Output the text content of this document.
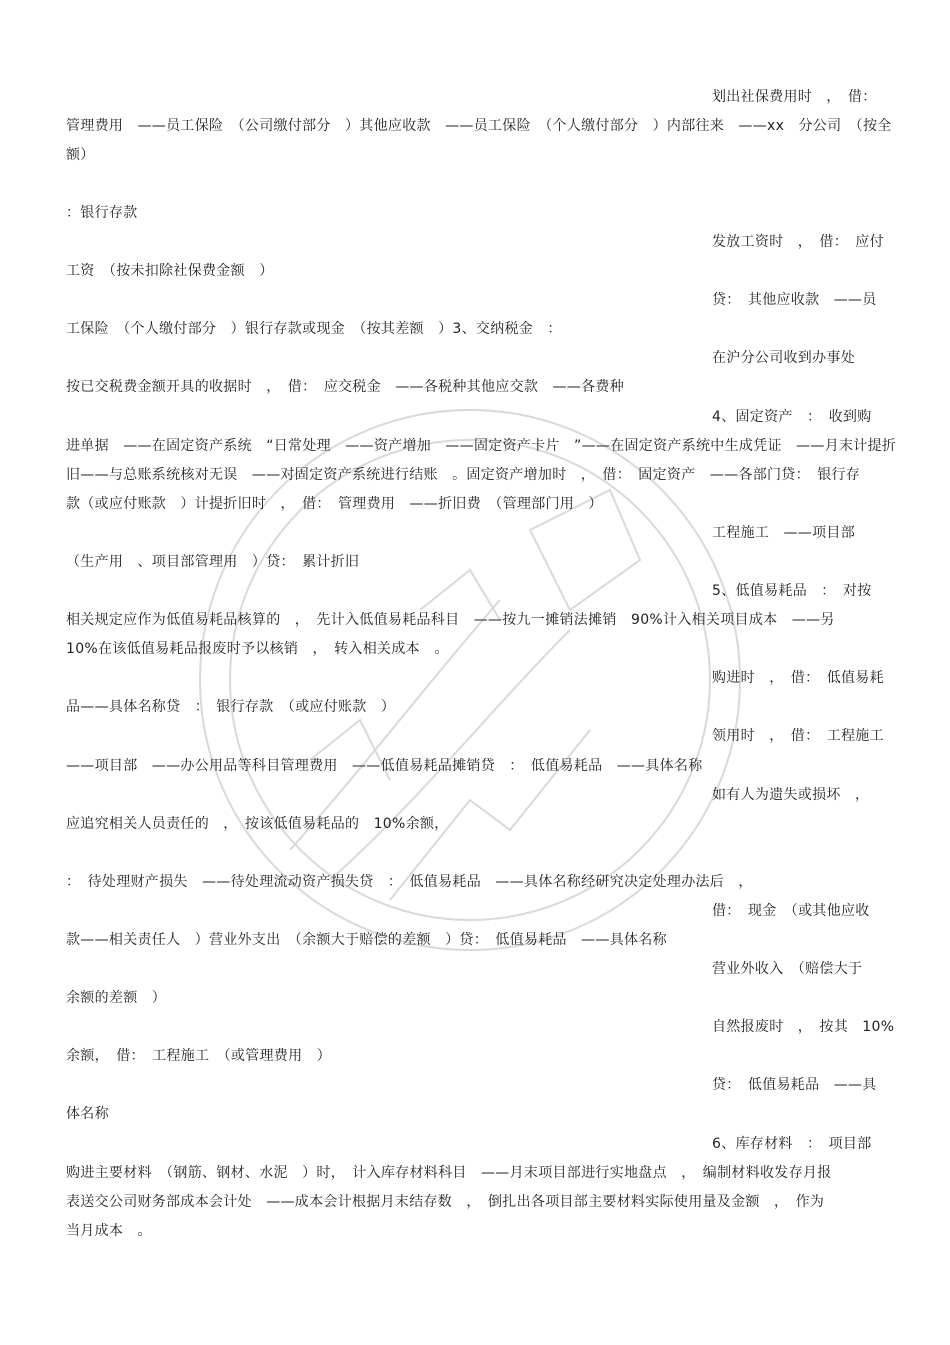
划出社保费用时　，　借：

管理费用　——员工保险　（公司缴付部分　）其他应收款　——员工保险　（个人缴付部分　）内部往来　——xx　分公司　（按全

额）

：银行存款

发放工资时　，　借：　应付

工资　（按未扣除社保费金额　）

贷：　其他应收款　——员

工保险　（个人缴付部分　）银行存款或现金　（按其差额　）3、交纳税金　：

在沪分公司收到办事处

按已交税费金额开具的收据时　，　借：　应交税金　——各税种其他应交款　——各费种

4、固定资产　：　收到购

进单据　——在固定资产系统　“日常处理　——资产增加　——固定资产卡片　”——在固定资产系统中生成凭证　——月末计提折

旧——与总账系统核对无误　——对固定资产系统进行结账　。固定资产增加时　，　借：　固定资产　——各部门贷：　银行存

款（或应付账款　）计提折旧时　，　借：　管理费用　——折旧费　（管理部门用　）

工程施工　——项目部

（生产用　、项目部管理用　）贷：　累计折旧

5、低值易耗品　：　对按

相关规定应作为低值易耗品核算的　，　先计入低值易耗品科目　——按九一摊销法摊销　90%计入相关项目成本　——另

10%在该低值易耗品报废时予以核销　，　转入相关成本　。

购进时　，　借：　低值易耗

品——具体名称贷　：　银行存款　（或应付账款　）

领用时　，　借：　工程施工

——项目部　——办公用品等科目管理费用　——低值易耗品摊销贷　：　低值易耗品　——具体名称

如有人为遗失或损坏　，

应追究相关人员责任的　，　按该低值易耗品的　10%余额，

：　待处理财产损失　——待处理流动资产损失贷　：　低值易耗品　——具体名称经研究决定处理办法后　，

借：　现金　（或其他应收

款——相关责任人　）营业外支出　（余额大于赔偿的差额　）贷：　低值易耗品　——具体名称

营业外收入　（赔偿大于

余额的差额　）

自然报废时　，　按其　10%

余额，　借：　工程施工　（或管理费用　）

贷：　低值易耗品　——具

体名称

6、库存材料　：　项目部

购进主要材料　（钢筋、钢材、水泥　）时，　计入库存材料科目　——月末项目部进行实地盘点　，　编制材料收发存月报

表送交公司财务部成本会计处　——成本会计根据月末结存数　，　倒扎出各项目部主要材料实际使用量及金额　，　作为

当月成本　。
